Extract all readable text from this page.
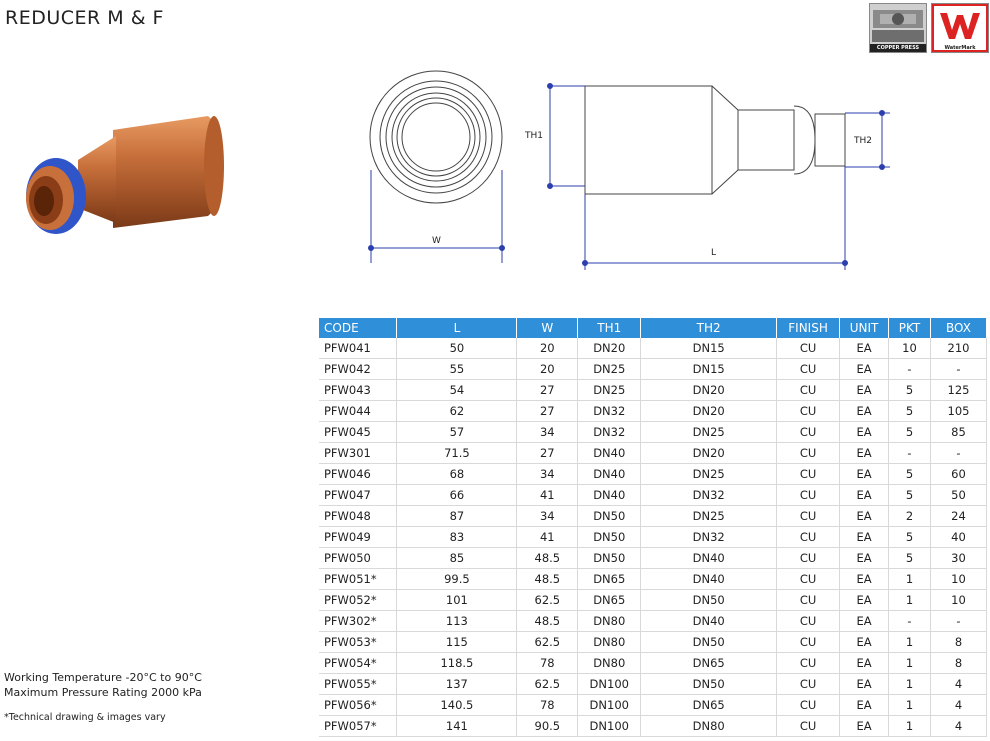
REDUCER M & F
COPPER PRESS	WaterMark
W
TH1	TH2
L
CODE	L	W	TH1	TH2	FINISH	UNIT	PKT	BOX
PFW041	50	20	DN20	DN15	CU	EA	10	210
PFW042	55	20	DN25	DN15	CU	EA	-	-
PFW043	54	27	DN25	DN20	CU	EA	5	125
PFW044	62	27	DN32	DN20	CU	EA	5	105
PFW045	57	34	DN32	DN25	CU	EA	5	85
PFW301	71.5	27	DN40	DN20	CU	EA	-	-
PFW046	68	34	DN40	DN25	CU	EA	5	60
PFW047	66	41	DN40	DN32	CU	EA	5	50
PFW048	87	34	DN50	DN25	CU	EA	2	24
PFW049	83	41	DN50	DN32	CU	EA	5	40
PFW050	85	48.5	DN50	DN40	CU	EA	5	30
PFW051*	99.5	48.5	DN65	DN40	CU	EA	1	10
PFW052*	101	62.5	DN65	DN50	CU	EA	1	10
PFW302*	113	48.5	DN80	DN40	CU	EA	-	-
PFW053*	115	62.5	DN80	DN50	CU	EA	1	8
PFW054*	118.5	78	DN80	DN65	CU	EA	1	8
PFW055*	137	62.5	DN100	DN50	CU	EA	1	4
PFW056*	140.5	78	DN100	DN65	CU	EA	1	4
PFW057*	141	90.5	DN100	DN80	CU	EA	1	4
Working Temperature -20°C to 90°C
Maximum Pressure Rating 2000 kPa
*Technical drawing & images vary
